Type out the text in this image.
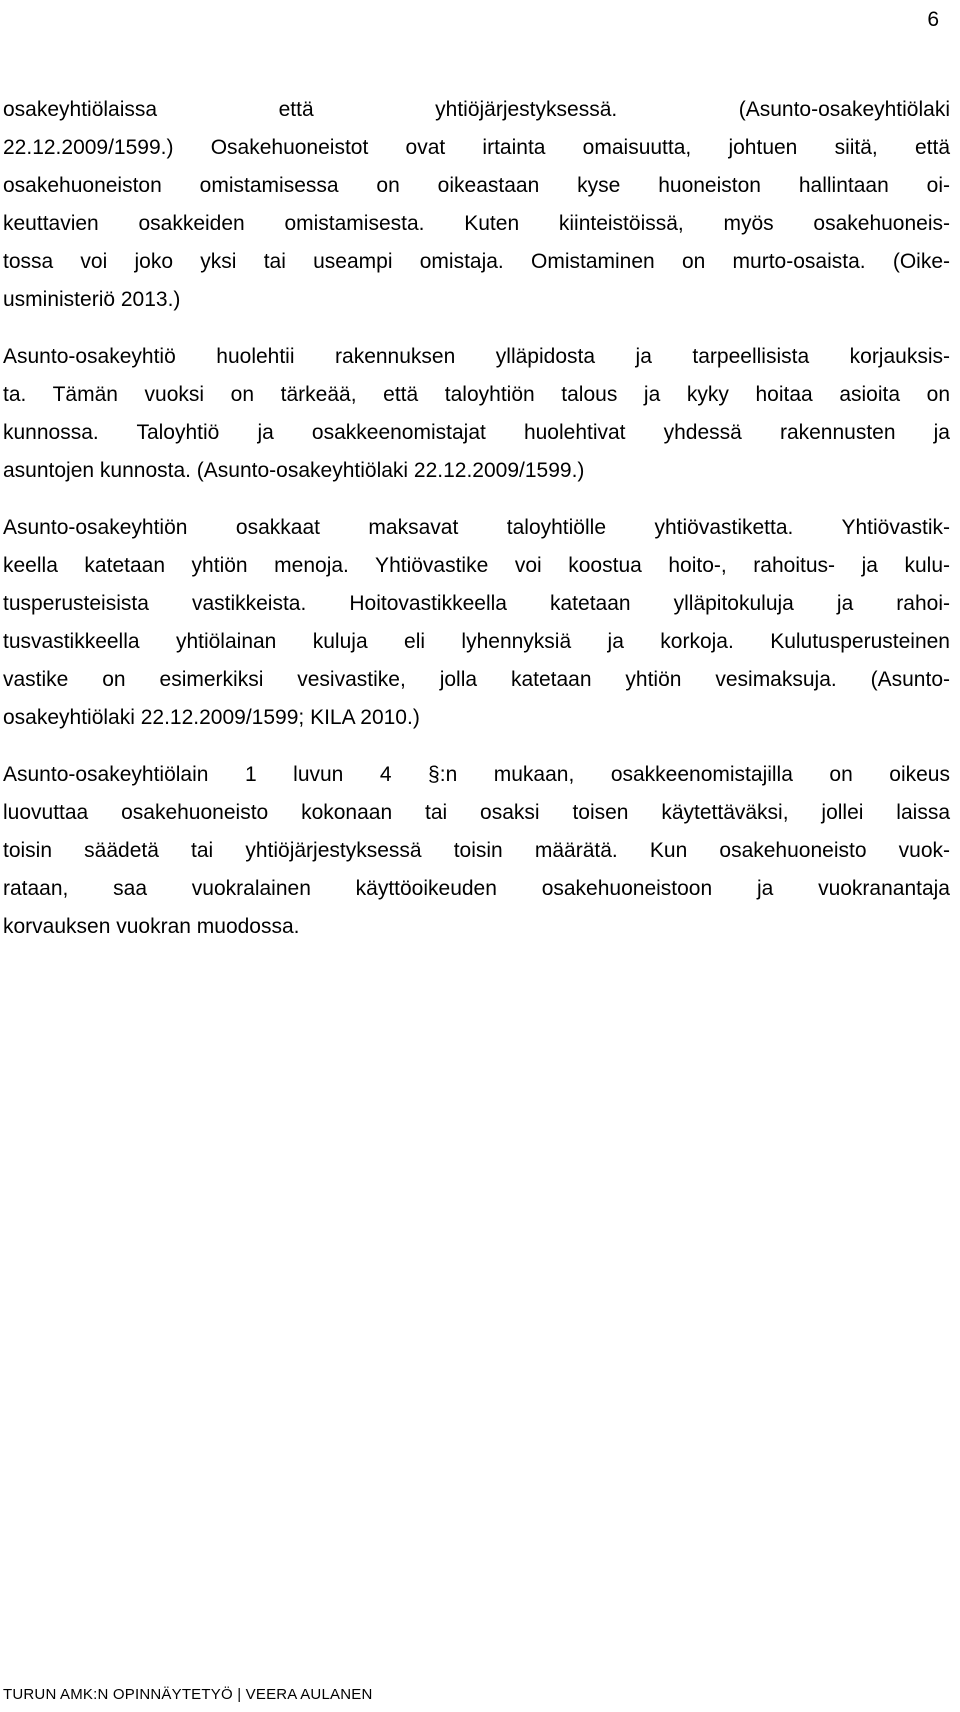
6

osakeyhtiölaissa että yhtiöjärjestyksessä. (Asunto-osakeyhtiölaki
22.12.2009/1599.) Osakehuoneistot ovat irtainta omaisuutta, johtuen siitä, että
osakehuoneiston omistamisessa on oikeastaan kyse huoneiston hallintaan oi-
keuttavien osakkeiden omistamisesta. Kuten kiinteistöissä, myös osakehuoneis-
tossa voi joko yksi tai useampi omistaja. Omistaminen on murto-osaista. (Oike-
usministeriö 2013.)

Asunto-osakeyhtiö huolehtii rakennuksen ylläpidosta ja tarpeellisista korjauksis-
ta. Tämän vuoksi on tärkeää, että taloyhtiön talous ja kyky hoitaa asioita on
kunnossa. Taloyhtiö ja osakkeenomistajat huolehtivat yhdessä rakennusten ja
asuntojen kunnosta. (Asunto-osakeyhtiölaki 22.12.2009/1599.)

Asunto-osakeyhtiön osakkaat maksavat taloyhtiölle yhtiövastiketta. Yhtiövastik-
keella katetaan yhtiön menoja. Yhtiövastike voi koostua hoito-, rahoitus- ja kulu-
tusperusteisista vastikkeista. Hoitovastikkeella katetaan ylläpitokuluja ja rahoi-
tusvastikkeella yhtiölainan kuluja eli lyhennyksiä ja korkoja. Kulutusperusteinen
vastike on esimerkiksi vesivastike, jolla katetaan yhtiön vesimaksuja. (Asunto-
osakeyhtiölaki 22.12.2009/1599; KILA 2010.)

Asunto-osakeyhtiölain 1 luvun 4 §:n mukaan, osakkeenomistajilla on oikeus
luovuttaa osakehuoneisto kokonaan tai osaksi toisen käytettäväksi, jollei laissa
toisin säädetä tai yhtiöjärjestyksessä toisin määrätä. Kun osakehuoneisto vuok-
rataan, saa vuokralainen käyttöoikeuden osakehuoneistoon ja vuokranantaja
korvauksen vuokran muodossa.

TURUN AMK:N OPINNÄYTETYÖ | VEERA AULANEN
